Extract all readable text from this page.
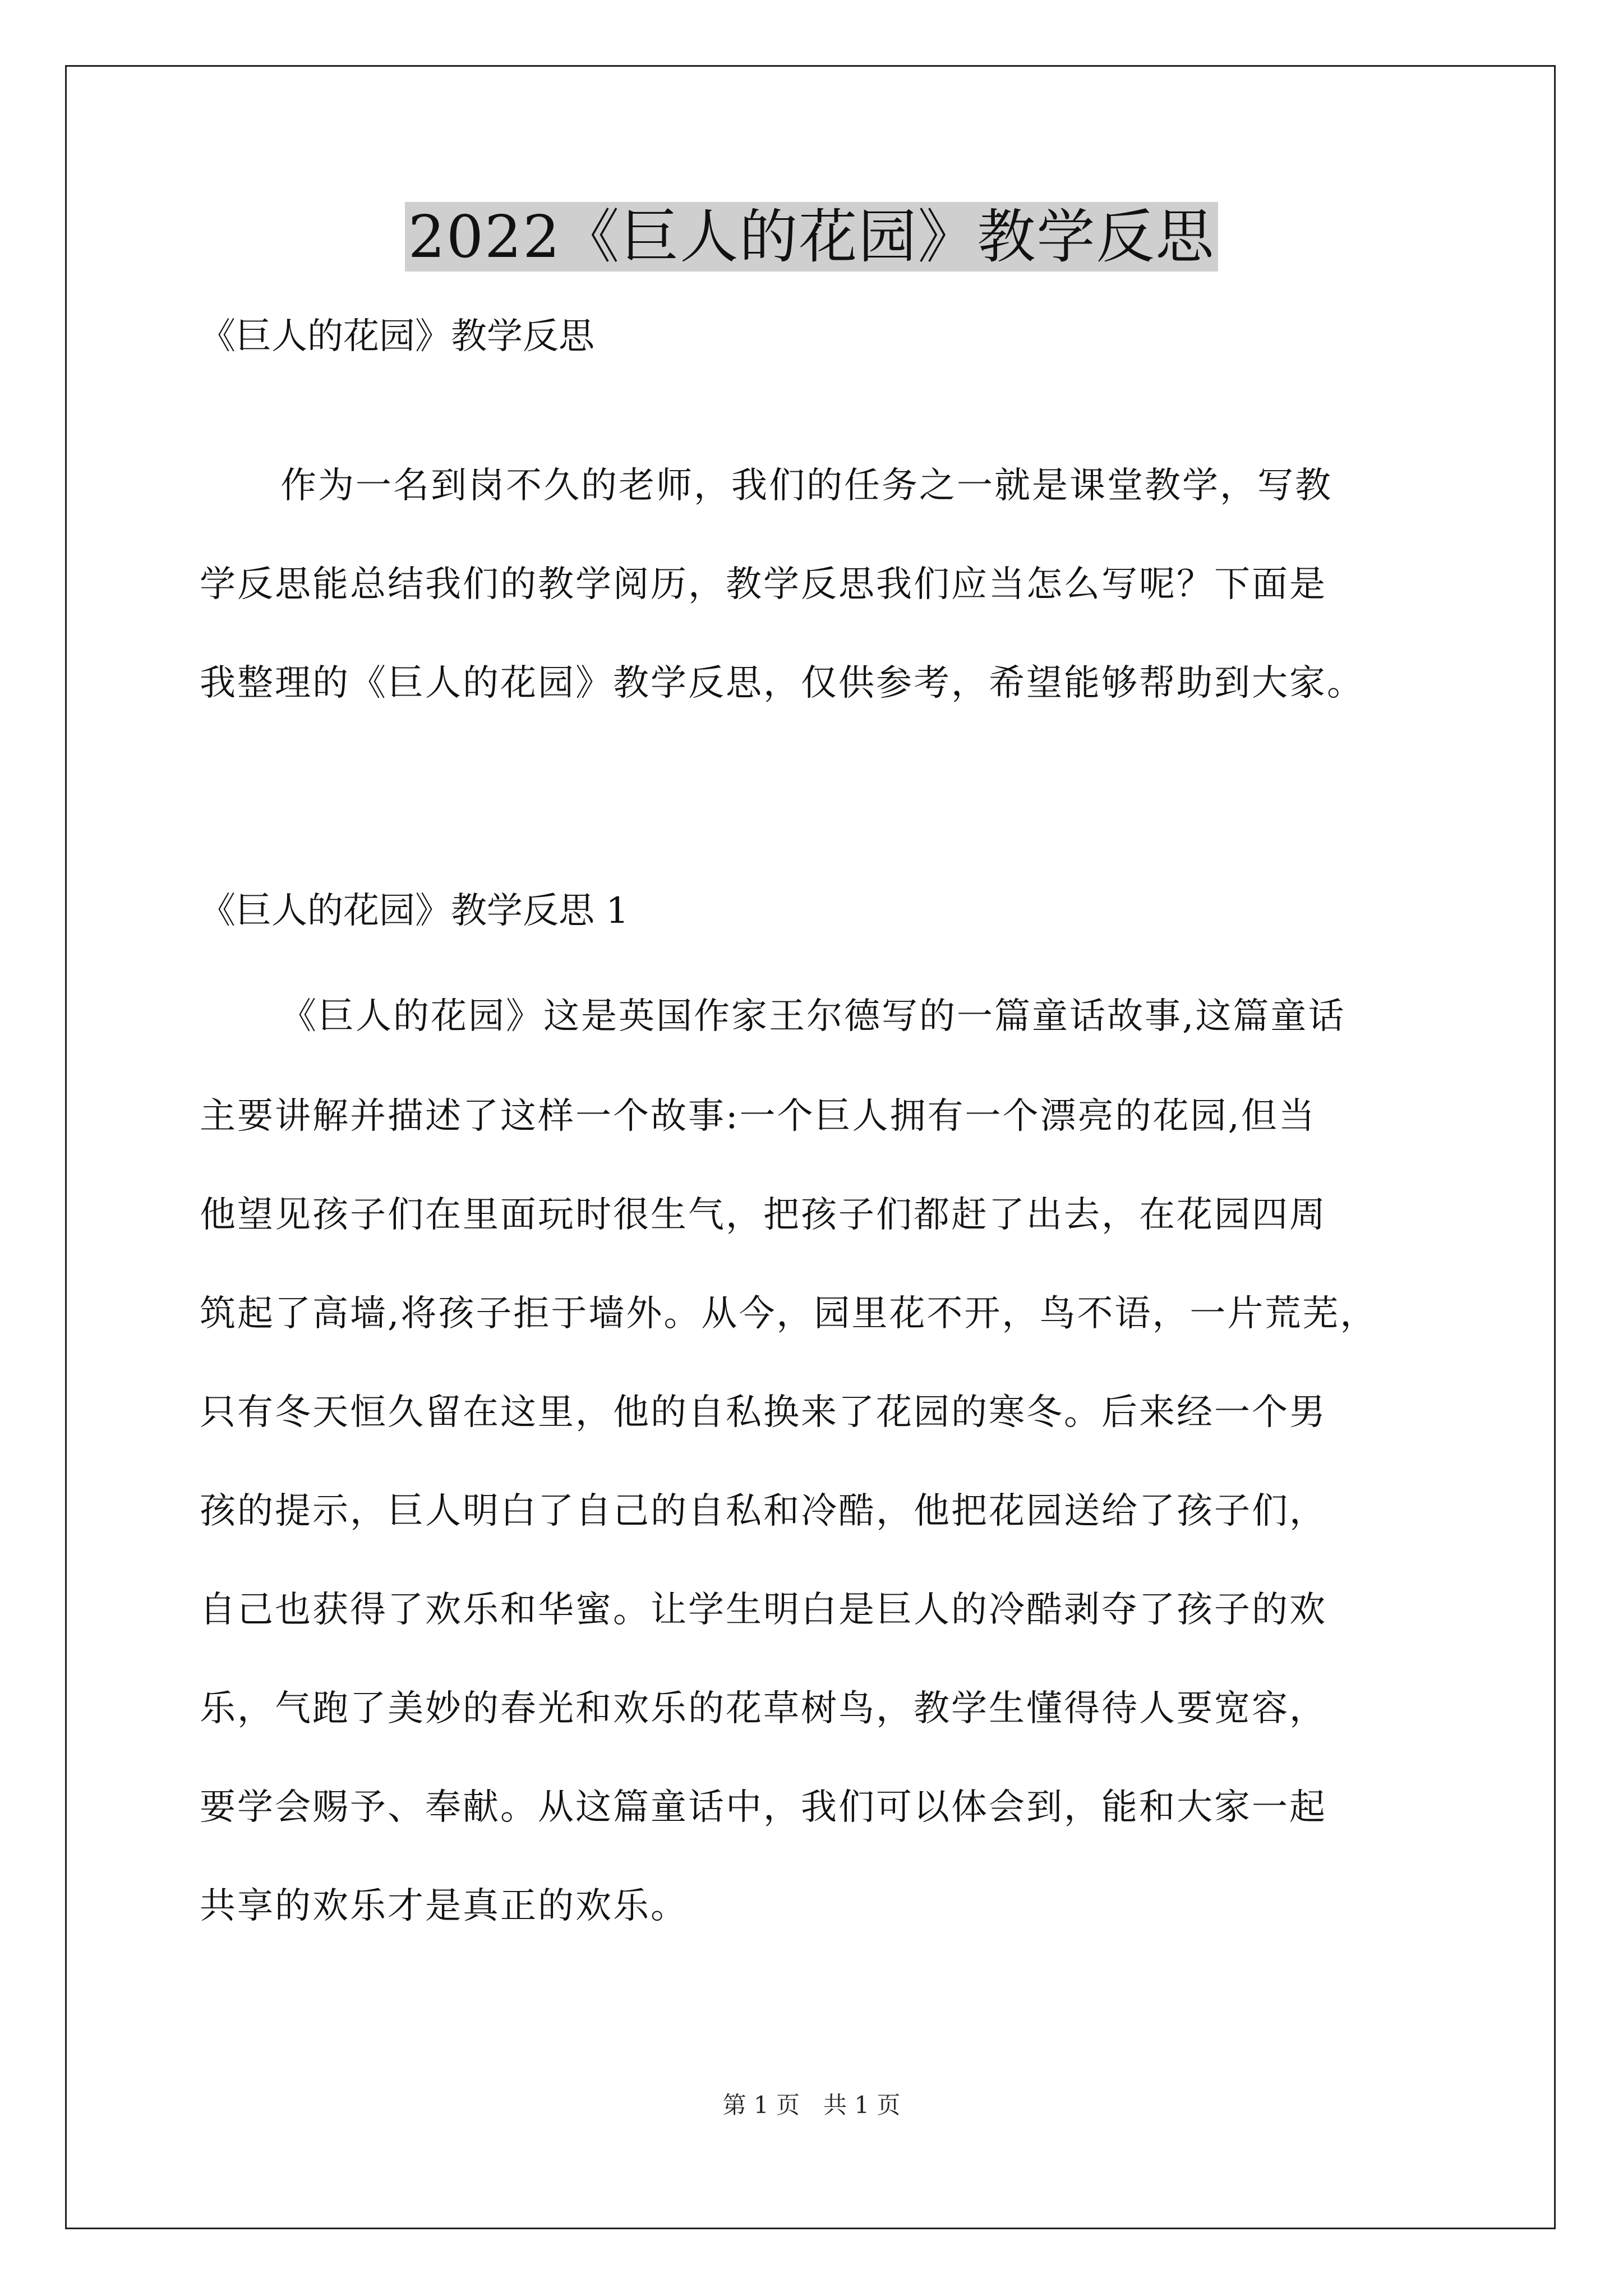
2022《巨人的花园》教学反思
《巨人的花园》教学反思
作为一名到岗不久的老师，我们的任务之一就是课堂教学，写教
学反思能总结我们的教学阅历，教学反思我们应当怎么写呢？下面是
我整理的《巨人的花园》教学反思，仅供参考，希望能够帮助到大家。
《巨人的花园》教学反思 1
《巨人的花园》这是英国作家王尔德写的一篇童话故事,这篇童话
主要讲解并描述了这样一个故事:一个巨人拥有一个漂亮的花园,但当
他望见孩子们在里面玩时很生气，把孩子们都赶了出去，在花园四周
筑起了高墙,将孩子拒于墙外。从今，园里花不开，鸟不语，一片荒芜，
只有冬天恒久留在这里，他的自私换来了花园的寒冬。后来经一个男
孩的提示，巨人明白了自己的自私和冷酷，他把花园送给了孩子们，
自己也获得了欢乐和华蜜。让学生明白是巨人的冷酷剥夺了孩子的欢
乐，气跑了美妙的春光和欢乐的花草树鸟，教学生懂得待人要宽容，
要学会赐予、奉献。从这篇童话中，我们可以体会到，能和大家一起
共享的欢乐才是真正的欢乐。
第 1 页　共 1 页
